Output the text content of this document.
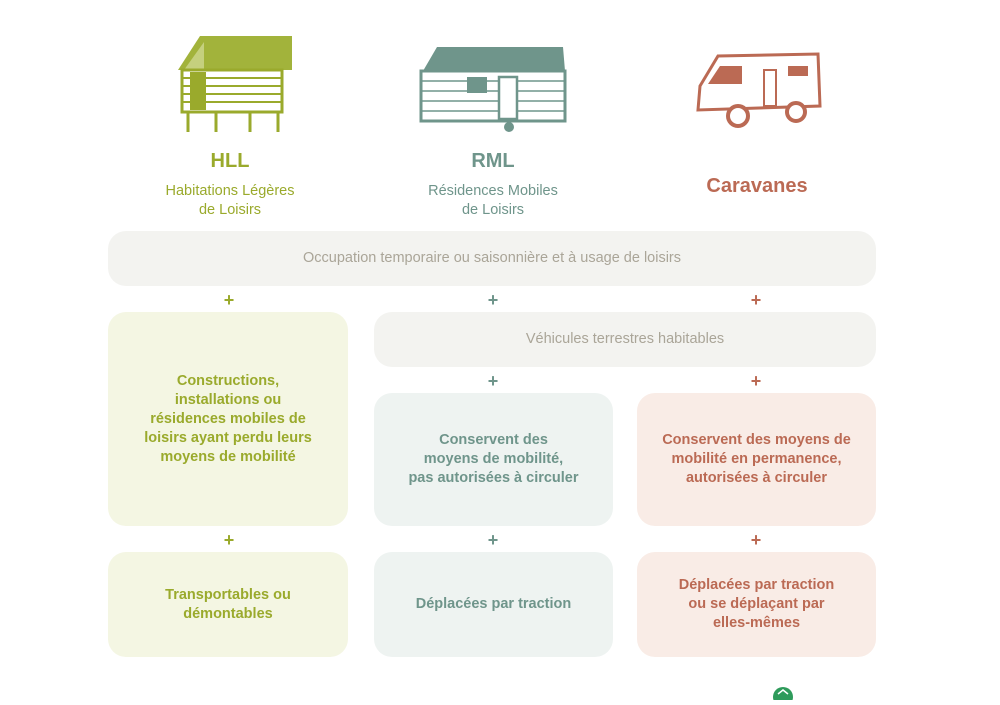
HLL
Habitations Légères
de Loisirs
RML
Résidences Mobiles
de Loisirs
Caravanes
Occupation temporaire ou saisonnière et à usage de loisirs
+	+	+
Constructions,
installations ou
résidences mobiles de
loisirs ayant perdu leurs
moyens de mobilité
Véhicules terrestres habitables
+	+
Conservent des
moyens de mobilité,
pas autorisées à circuler
Conservent des moyens de
mobilité en permanence,
autorisées à circuler
+	+	+
Transportables ou
démontables
Déplacées par traction
Déplacées par traction
ou se déplaçant par
elles-mêmes
